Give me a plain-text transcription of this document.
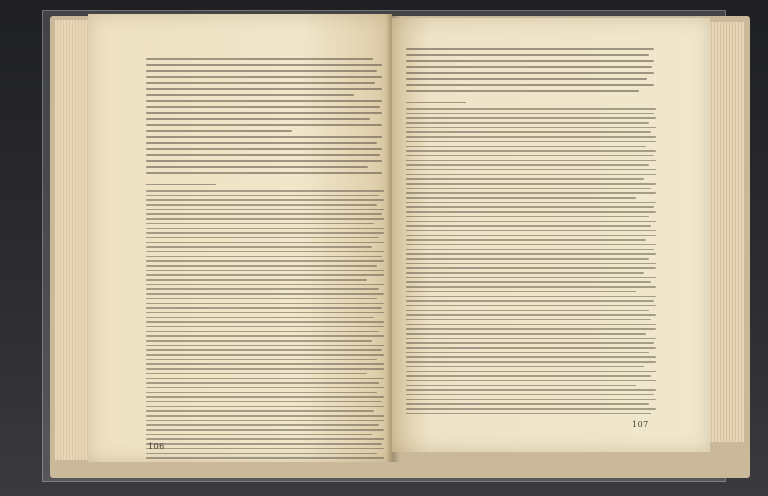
106
107
